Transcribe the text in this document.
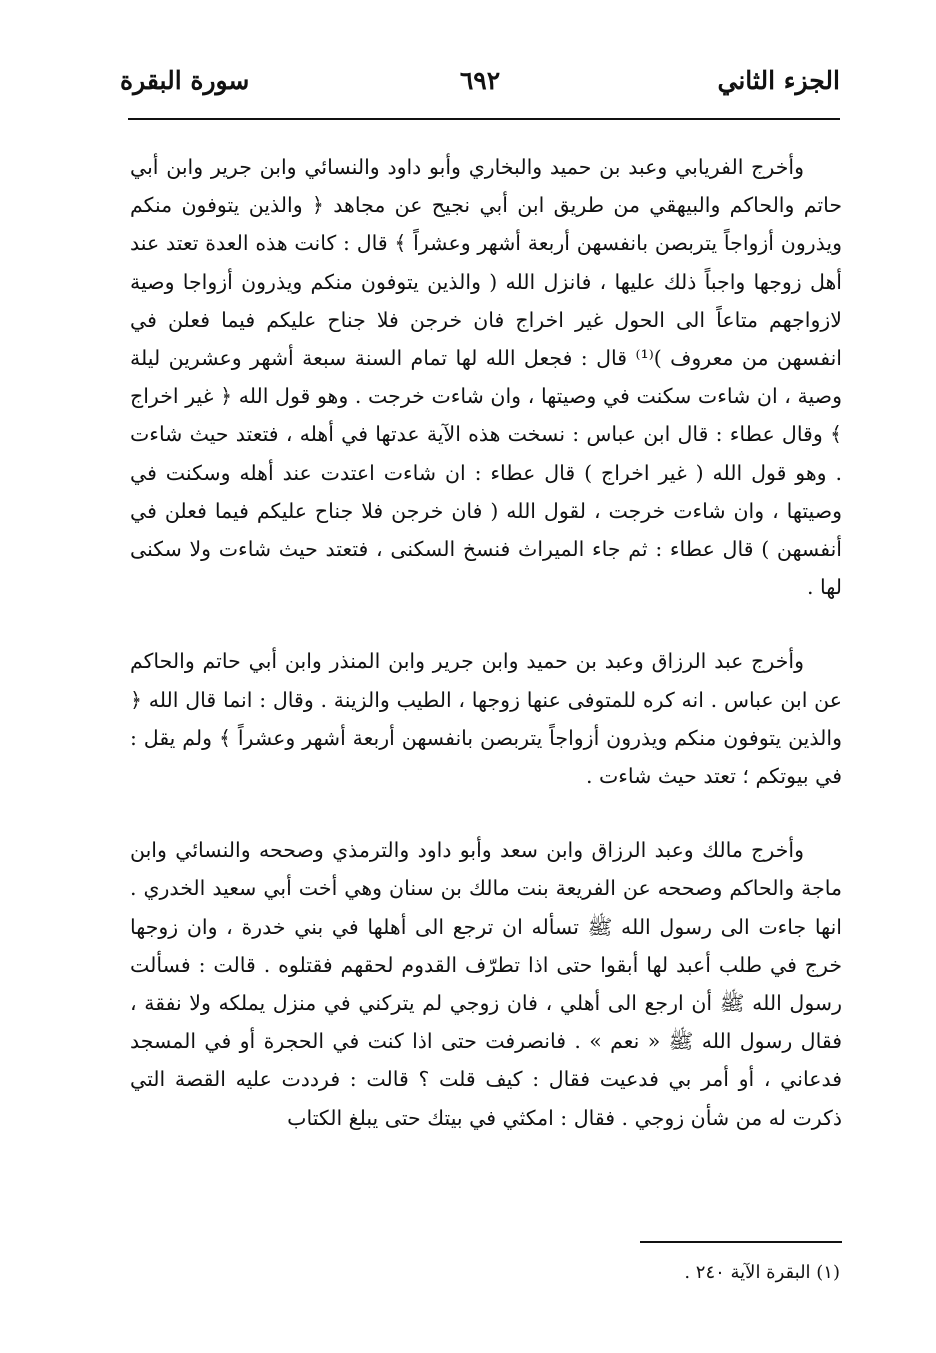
الجزء الثاني
٦٩٢
سورة البقرة

وأخرج الفريابي وعبد بن حميد والبخاري وأبو داود والنسائي وابن جرير وابن أبي حاتم والحاكم والبيهقي من طريق ابن أبي نجيح عن مجاهد ﴿ والذين يتوفون منكم ويذرون أزواجاً يتربصن بانفسهن أربعة أشهر وعشراً ﴾ قال : كانت هذه العدة تعتد عند أهل زوجها واجباً ذلك عليها ، فانزل الله ( والذين يتوفون منكم ويذرون أزواجا وصية لازواجهم متاعاً الى الحول غير اخراج فان خرجن فلا جناح عليكم فيما فعلن في انفسهن من معروف )⁽¹⁾ قال : فجعل الله لها تمام السنة سبعة أشهر وعشرين ليلة وصية ، ان شاءت سكنت في وصيتها ، وان شاءت خرجت . وهو قول الله ﴿ غير اخراج ﴾ وقال عطاء : قال ابن عباس : نسخت هذه الآية عدتها في أهله ، فتعتد حيث شاءت . وهو قول الله ( غير اخراج ) قال عطاء : ان شاءت اعتدت عند أهله وسكنت في وصيتها ، وان شاءت خرجت ، لقول الله ( فان خرجن فلا جناح عليكم فيما فعلن في أنفسهن ) قال عطاء : ثم جاء الميراث فنسخ السكنى ، فتعتد حيث شاءت ولا سكنى لها .

وأخرج عبد الرزاق وعبد بن حميد وابن جرير وابن المنذر وابن أبي حاتم والحاكم عن ابن عباس . انه كره للمتوفى عنها زوجها ، الطيب والزينة . وقال : انما قال الله ﴿ والذين يتوفون منكم ويذرون أزواجاً يتربصن بانفسهن أربعة أشهر وعشراً ﴾ ولم يقل : في بيوتكم ؛ تعتد حيث شاءت .

وأخرج مالك وعبد الرزاق وابن سعد وأبو داود والترمذي وصححه والنسائي وابن ماجة والحاكم وصححه عن الفريعة بنت مالك بن سنان وهي أخت أبي سعيد الخدري . انها جاءت الى رسول الله ﷺ تسأله ان ترجع الى أهلها في بني خدرة ، وان زوجها خرج في طلب أعبد لها أبقوا حتى اذا تطرّف القدوم لحقهم فقتلوه . قالت : فسألت رسول الله ﷺ أن ارجع الى أهلي ، فان زوجي لم يتركني في منزل يملكه ولا نفقة ، فقال رسول الله ﷺ « نعم » . فانصرفت حتى اذا كنت في الحجرة أو في المسجد فدعاني ، أو أمر بي فدعيت فقال : كيف قلت ؟ قالت : فرددت عليه القصة التي ذكرت له من شأن زوجي . فقال : امكثي في بيتك حتى يبلغ الكتاب

(١) البقرة الآية ٢٤٠ .
